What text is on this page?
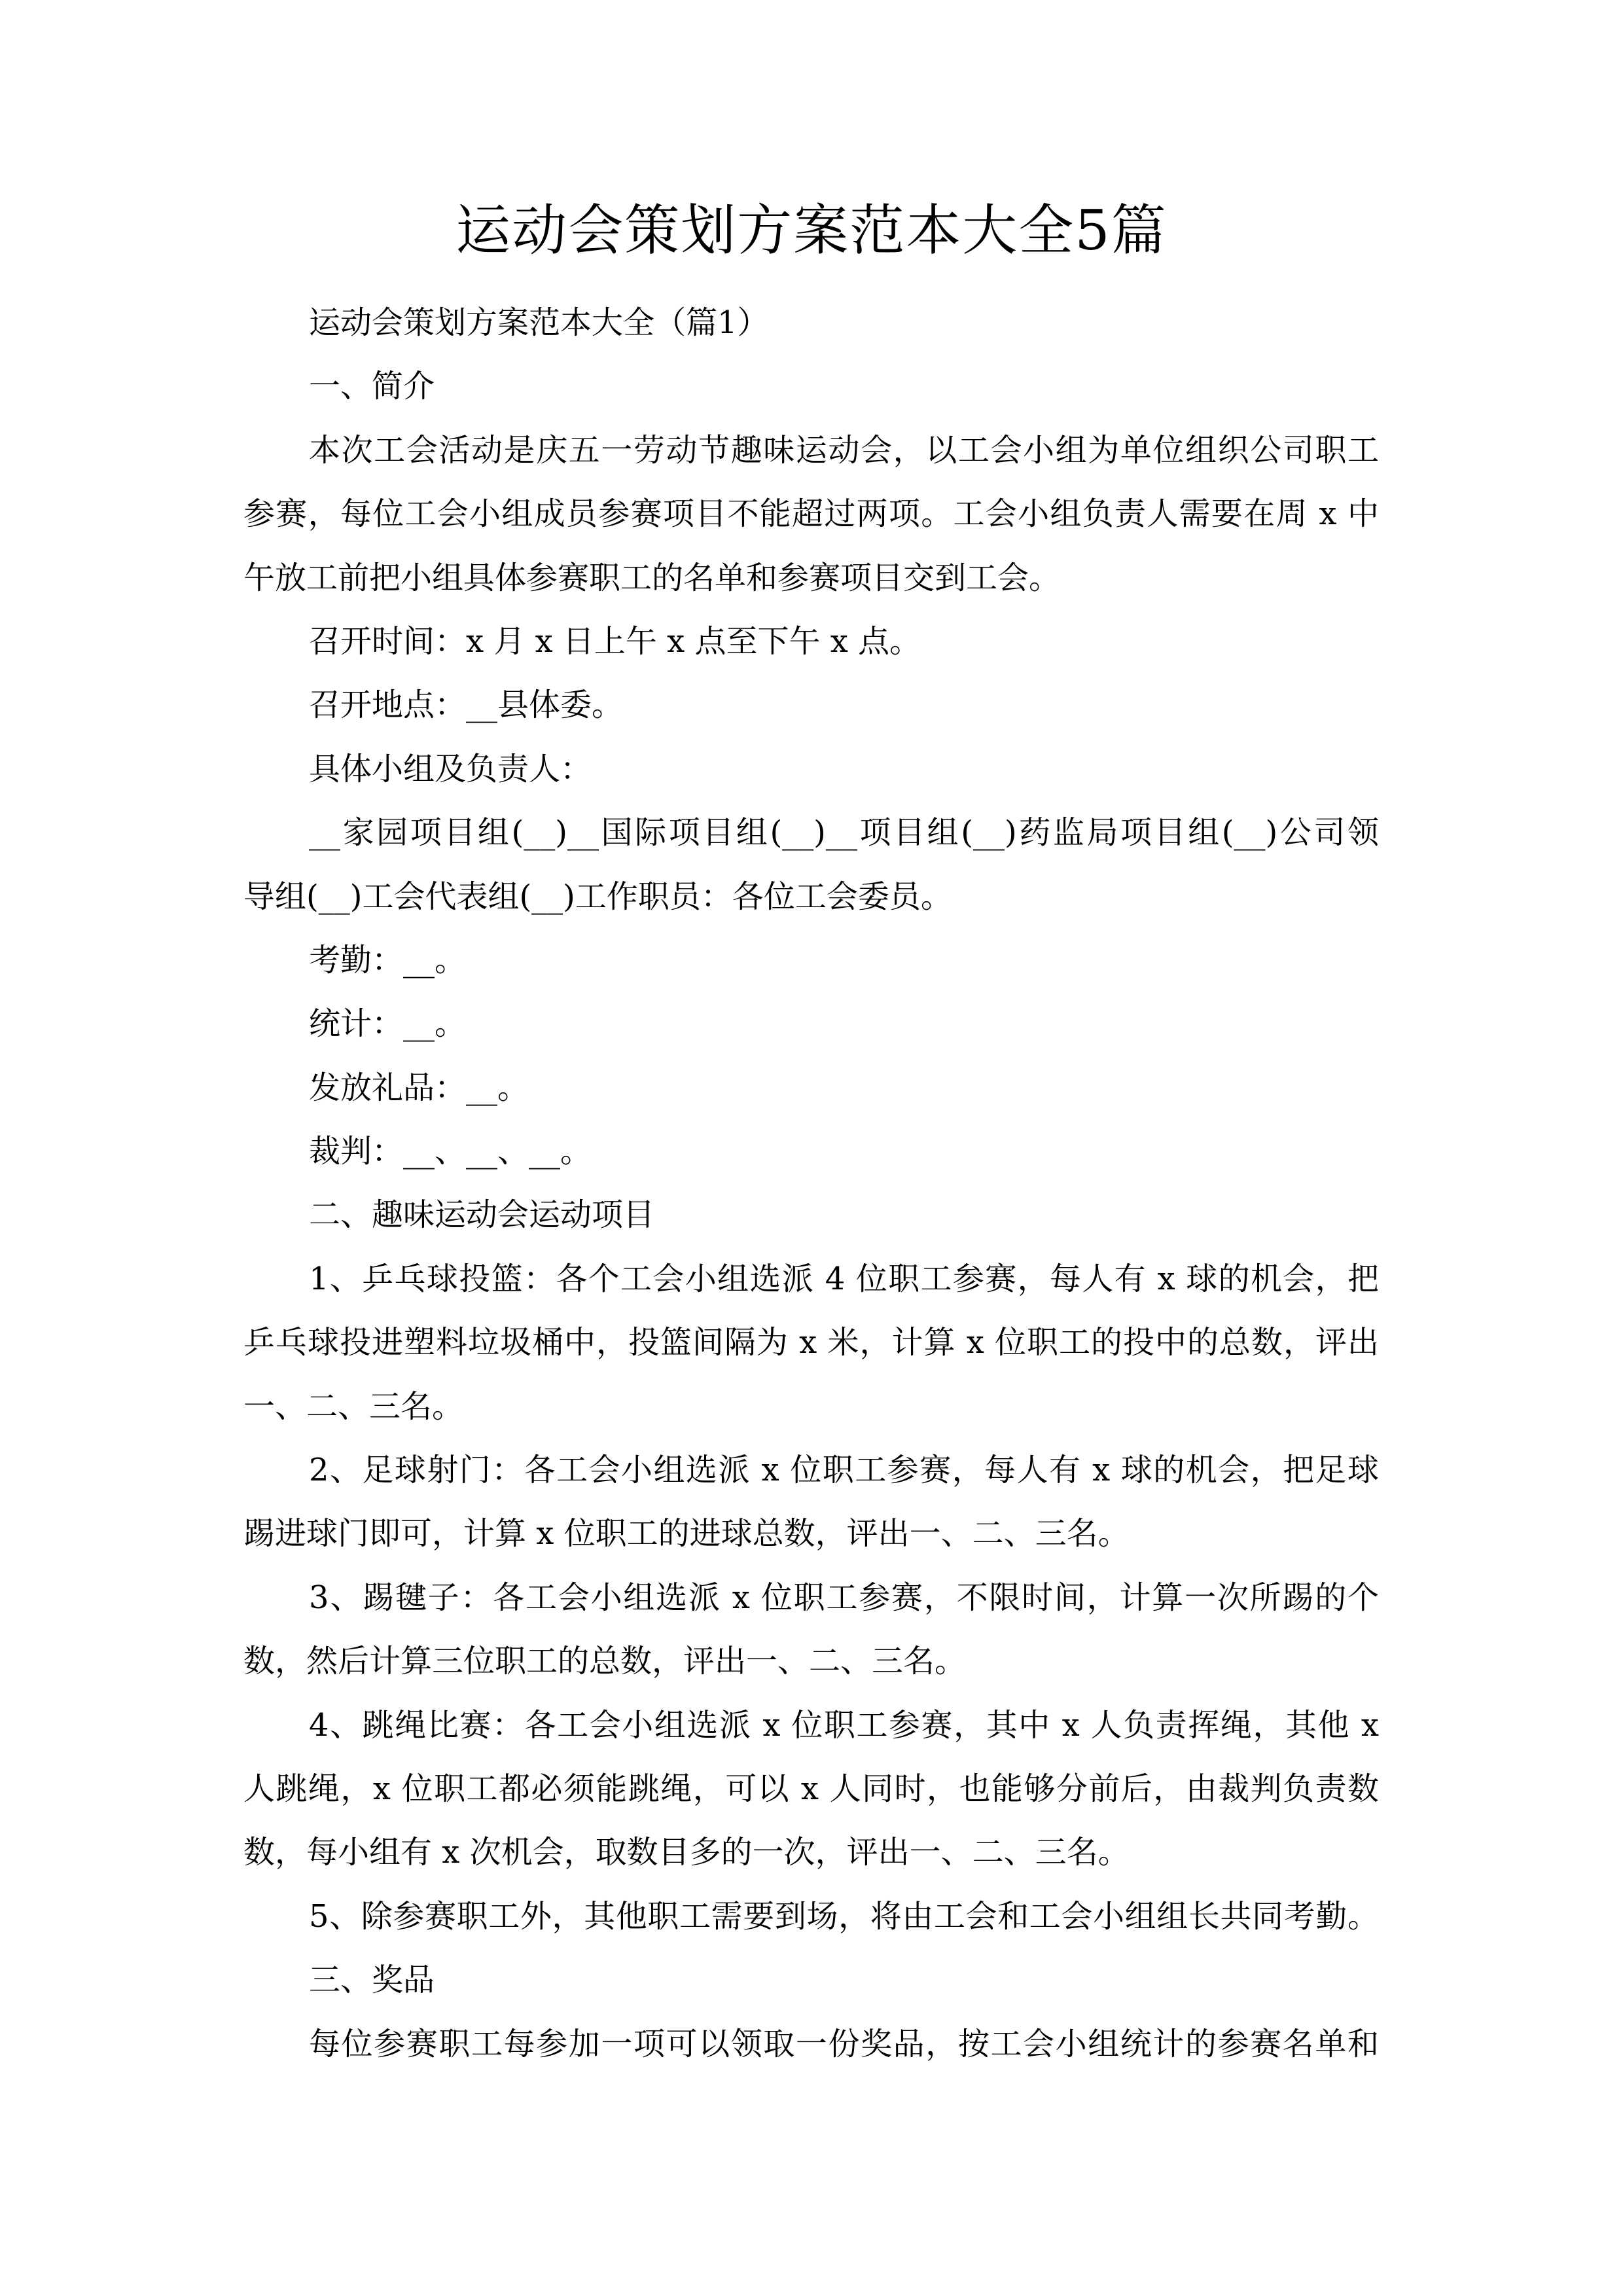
运动会策划方案范本大全5篇
运动会策划方案范本大全（篇1）
一、简介
本次工会活动是庆五一劳动节趣味运动会，以工会小组为单位组织公司职工
参赛，每位工会小组成员参赛项目不能超过两项。工会小组负责人需要在周 x 中
午放工前把小组具体参赛职工的名单和参赛项目交到工会。
召开时间：x 月 x 日上午 x 点至下午 x 点。
召开地点：__县体委。
具体小组及负责人：
__家园项目组(__)__国际项目组(__)__项目组(__)药监局项目组(__)公司领
导组(__)工会代表组(__)工作职员：各位工会委员。
考勤：__。
统计：__。
发放礼品：__。
裁判：__、__、__。
二、趣味运动会运动项目
1、乒乓球投篮：各个工会小组选派 4 位职工参赛，每人有 x 球的机会，把
乒乓球投进塑料垃圾桶中，投篮间隔为 x 米，计算 x 位职工的投中的总数，评出
一、二、三名。
2、足球射门：各工会小组选派 x 位职工参赛，每人有 x 球的机会，把足球
踢进球门即可，计算 x 位职工的进球总数，评出一、二、三名。
3、踢毽子：各工会小组选派 x 位职工参赛，不限时间，计算一次所踢的个
数，然后计算三位职工的总数，评出一、二、三名。
4、跳绳比赛：各工会小组选派 x 位职工参赛，其中 x 人负责挥绳，其他 x
人跳绳，x 位职工都必须能跳绳，可以 x 人同时，也能够分前后，由裁判负责数
数，每小组有 x 次机会，取数目多的一次，评出一、二、三名。
5、除参赛职工外，其他职工需要到场，将由工会和工会小组组长共同考勤。
三、奖品
每位参赛职工每参加一项可以领取一份奖品，按工会小组统计的参赛名单和
